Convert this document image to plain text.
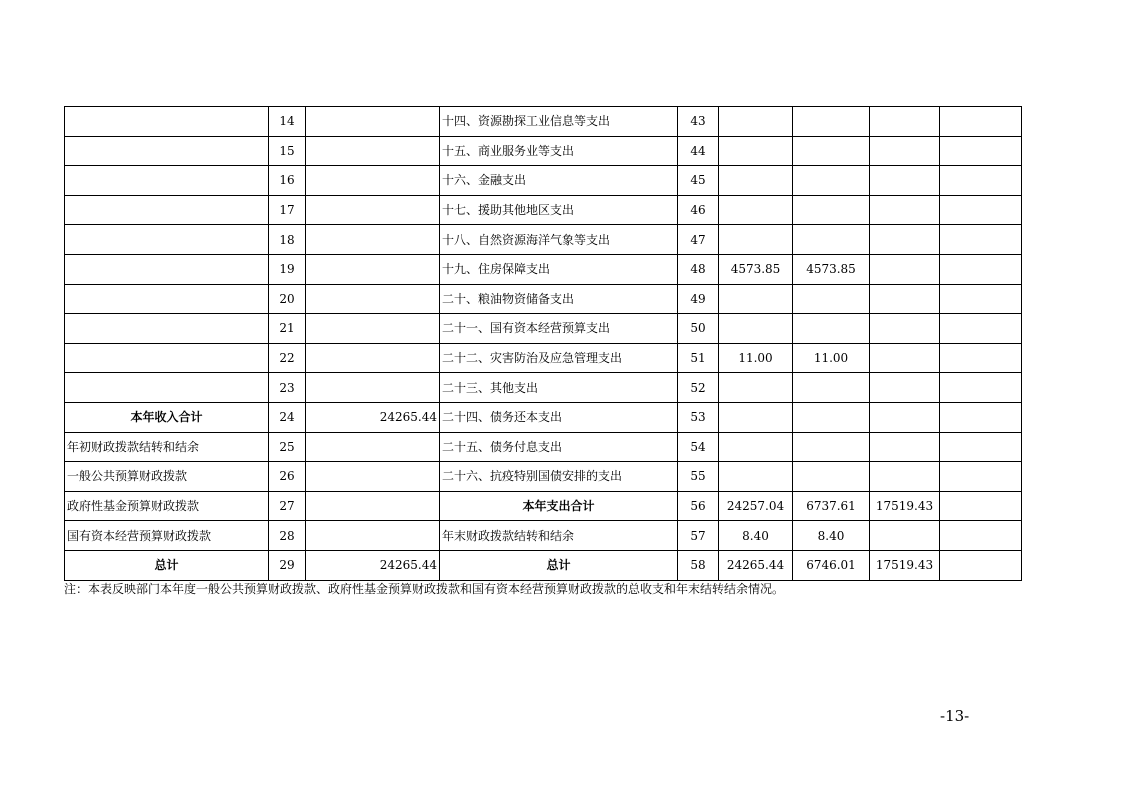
	14		十四、资源勘探工业信息等支出	43				
	15		十五、商业服务业等支出	44				
	16		十六、金融支出	45				
	17		十七、援助其他地区支出	46				
	18		十八、自然资源海洋气象等支出	47				
	19		十九、住房保障支出	48	4573.85	4573.85		
	20		二十、粮油物资储备支出	49				
	21		二十一、国有资本经营预算支出	50				
	22		二十二、灾害防治及应急管理支出	51	11.00	11.00		
	23		二十三、其他支出	52				
本年收入合计	24	24265.44	二十四、债务还本支出	53				
年初财政拨款结转和结余	25		二十五、债务付息支出	54				
一般公共预算财政拨款	26		二十六、抗疫特别国债安排的支出	55				
政府性基金预算财政拨款	27		本年支出合计	56	24257.04	6737.61	17519.43	
国有资本经营预算财政拨款	28		年末财政拨款结转和结余	57	8.40	8.40		
总计	29	24265.44	总计	58	24265.44	6746.01	17519.43	
注：本表反映部门本年度一般公共预算财政拨款、政府性基金预算财政拨款和国有资本经营预算财政拨款的总收支和年末结转结余情况。
-13-
